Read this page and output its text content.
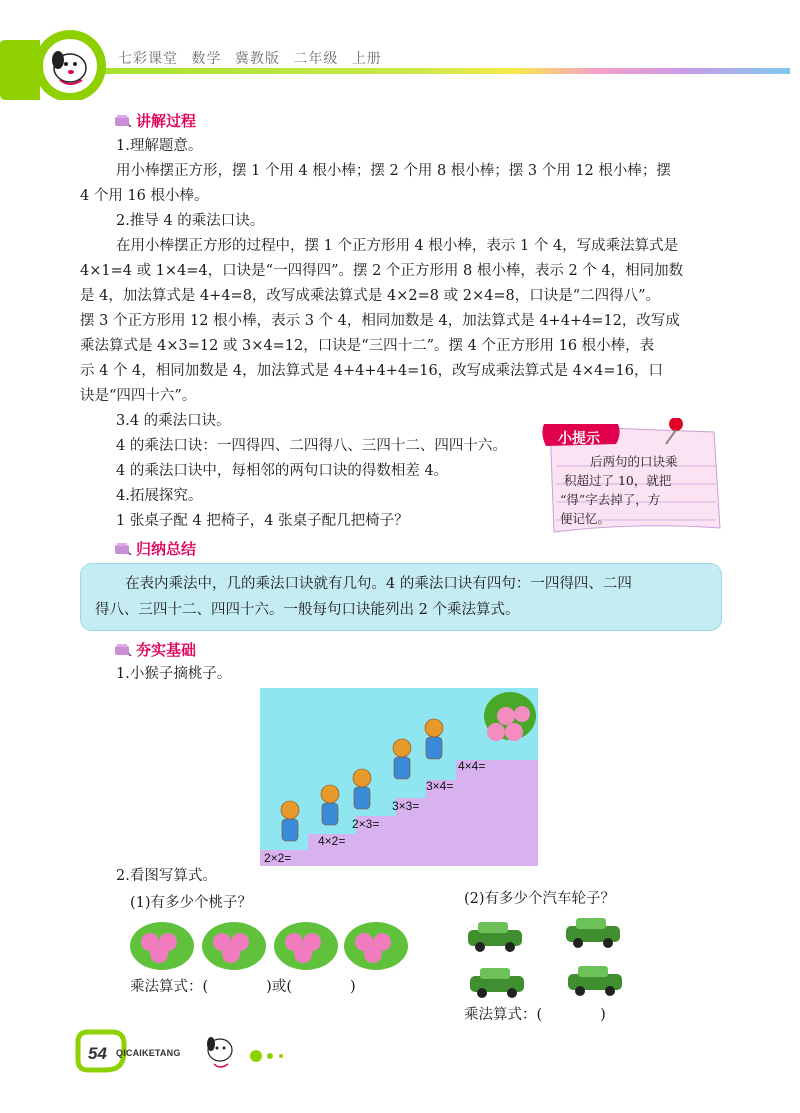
七彩课堂 数学 冀教版 二年级 上册
讲解过程
1.理解题意。
用小棒摆正方形，摆 1 个用 4 根小棒；摆 2 个用 8 根小棒；摆 3 个用 12 根小棒；摆
4 个用 16 根小棒。
2.推导 4 的乘法口诀。
在用小棒摆正方形的过程中，摆 1 个正方形用 4 根小棒，表示 1 个 4，写成乘法算式是
4×1=4 或 1×4=4，口诀是“一四得四”。摆 2 个正方形用 8 根小棒，表示 2 个 4，相同加数
是 4，加法算式是 4+4=8，改写成乘法算式是 4×2=8 或 2×4=8，口诀是“二四得八”。
摆 3 个正方形用 12 根小棒，表示 3 个 4，相同加数是 4，加法算式是 4+4+4=12，改写成
乘法算式是 4×3=12 或 3×4=12，口诀是“三四十二”。摆 4 个正方形用 16 根小棒，表
示 4 个 4，相同加数是 4，加法算式是 4+4+4+4=16，改写成乘法算式是 4×4=16，口
诀是“四四十六”。
3.4 的乘法口诀。
4 的乘法口诀：一四得四、二四得八、三四十二、四四十六。
4 的乘法口诀中，每相邻的两句口诀的得数相差 4。
4.拓展探究。
1 张桌子配 4 把椅子，4 张桌子配几把椅子？
小提示
后两句的口诀乘
积超过了 10，就把
“得”字去掉了，方
便记忆。
归纳总结
在表内乘法中，几的乘法口诀就有几句。4 的乘法口诀有四句：一四得四、二四
得八、三四十二、四四十六。一般每句口诀能列出 2 个乘法算式。
夯实基础
1.小猴子摘桃子。
2×2=
4×2=
2×3=
3×3=
3×4=
4×4=
2.看图写算式。
(1)有多少个桃子？	(2)有多少个汽车轮子？
乘法算式：(　　　　)或(　　　　)
乘法算式：(　　　　)
54 QICAIKETANG
